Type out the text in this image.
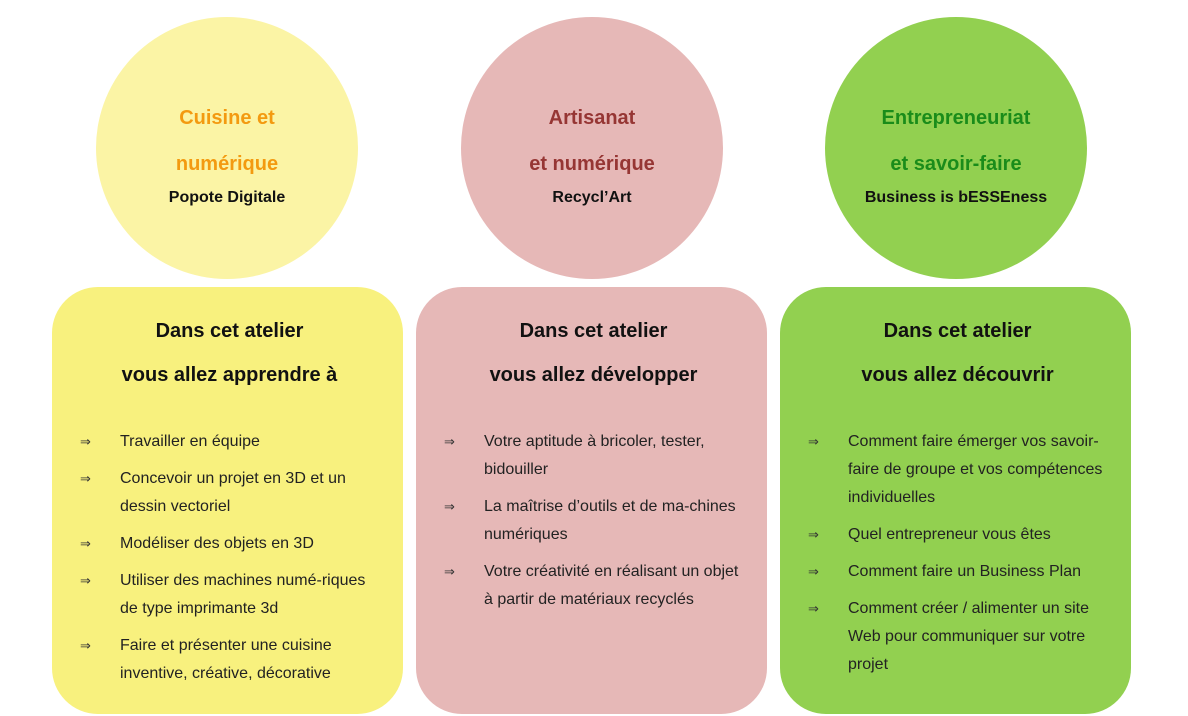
Cuisine et
numérique
Popote Digitale
Artisanat
et numérique
Recycl’Art
Entrepreneuriat
et savoir-faire
Business is bESSEness
Dans cet atelier
vous allez apprendre à
⇒	Travailler en équipe
⇒	Concevoir un projet en 3D et un dessin vectoriel
⇒	Modéliser des objets en 3D
⇒	Utiliser des machines numé-riques de type imprimante 3d
⇒	Faire et présenter une cuisine inventive, créative, décorative
Dans cet atelier
vous allez développer
⇒	Votre aptitude à bricoler, tester, bidouiller
⇒	La maîtrise d’outils et de ma-chines numériques
⇒	Votre créativité en réalisant un objet à partir de matériaux recyclés
Dans cet atelier
vous allez découvrir
⇒	Comment faire émerger vos savoir-faire de groupe et vos compétences individuelles
⇒	Quel entrepreneur vous êtes
⇒	Comment faire un Business Plan
⇒	Comment créer / alimenter un site Web pour communiquer sur votre projet
